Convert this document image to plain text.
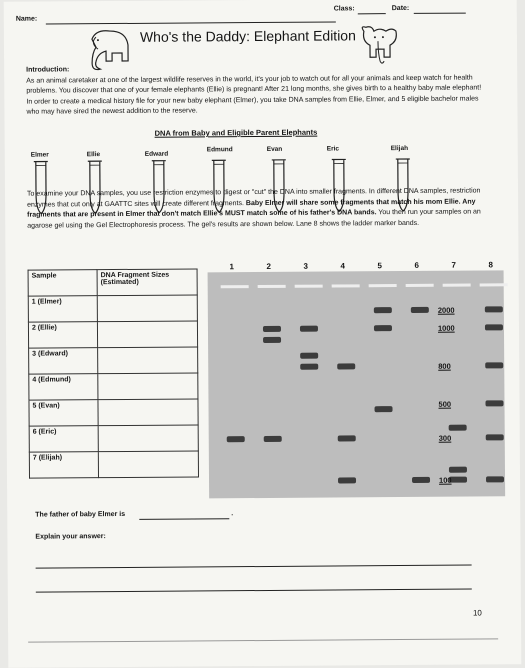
Class:	Date:
Name:
Who's the Daddy: Elephant Edition
Introduction:
As an animal caretaker at one of the largest wildlife reserves in the world, it's your job to watch out for all your animals and keep watch for health problems. You discover that one of your female elephants (Ellie) is pregnant! After 21 long months, she gives birth to a healthy baby male elephant! In order to create a medical history file for your new baby elephant (Elmer), you take DNA samples from Ellie, Elmer, and 5 eligible bachelor males who may have sired the newest addition to the reserve.
DNA from Baby and Eligible Parent Elephants
Elmer	Ellie	Edward
Edmund	Evan	Eric	Elijah
To examine your DNA samples, you use restriction enzymes to digest or "cut" the DNA into smaller fragments. In different DNA samples, restriction enzymes that cut only at GAATTC sites will create different fragments. Baby Elmer will share some fragments that match his mom Ellie. Any fragments that are present in Elmer that don't match Ellie's MUST match some of his father's DNA bands. You then run your samples on an agarose gel using the Gel Electrophoresis process. The gel's results are shown below. Lane 8 shows the ladder marker bands.
Sample	DNA Fragment Sizes (Estimated)
1 (Elmer)	
2 (Ellie)	
3 (Edward)	
4 (Edmund)	
5 (Evan)	
6 (Eric)	
7 (Elijah)	
1	2	3	4	5	6	7	8
2000
1000
800
500
300
100
The father of baby Elmer is	.
Explain your answer:
10
